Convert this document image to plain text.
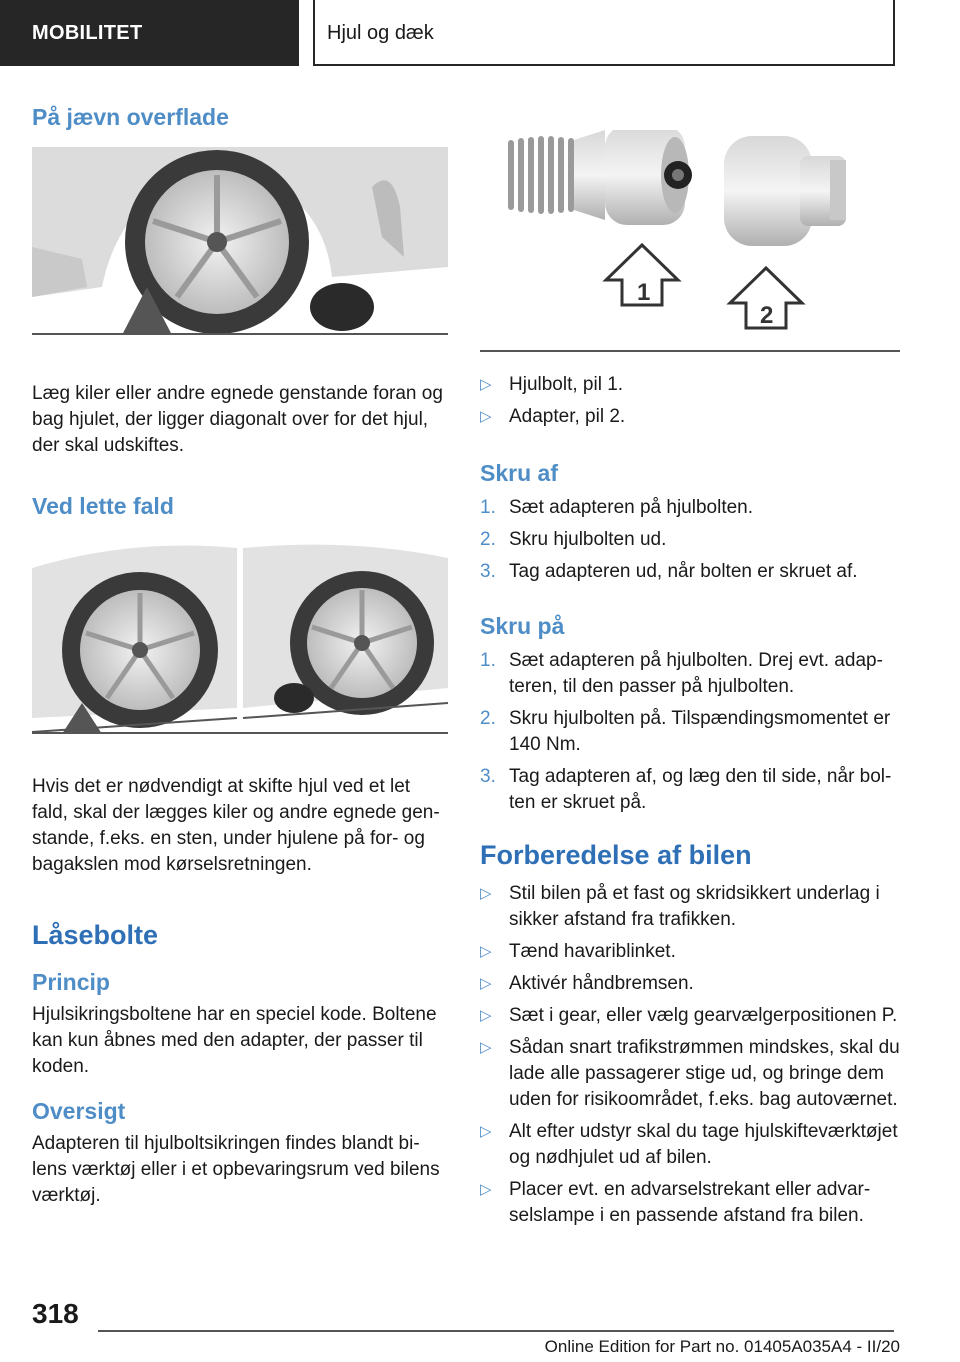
MOBILITET	Hjul og dæk
På jævn overflade

Læg kiler eller andre egnede genstande foran og bag hjulet, der ligger diagonalt over for det hjul, der skal udskiftes.

Ved lette fald

Hvis det er nødvendigt at skifte hjul ved et let fald, skal der lægges kiler og andre egnede genstande, f.eks. en sten, under hjulene på for- og bagakslen mod kørselsretningen.

Låsebolte
Princip

Hjulsikringsboltene har en speciel kode. Boltene kan kun åbnes med den adapter, der passer til koden.

Oversigt

Adapteren til hjulboltsikringen findes blandt bilens værktøj eller i et opbevaringsrum ved bilens værktøj.

1
2
▷ Hjulbolt, pil 1.
▷ Adapter, pil 2.
Skru af
1. Sæt adapteren på hjulbolten.
2. Skru hjulbolten ud.
3. Tag adapteren ud, når bolten er skruet af.
Skru på
1. Sæt adapteren på hjulbolten. Drej evt. adapteren, til den passer på hjulbolten.
2. Skru hjulbolten på. Tilspændingsmomentet er 140 Nm.
3. Tag adapteren af, og læg den til side, når bolten er skruet på.
Forberedelse af bilen
▷ Stil bilen på et fast og skridsikkert underlag i sikker afstand fra trafikken.
▷ Tænd havariblinket.
▷ Aktivér håndbremsen.
▷ Sæt i gear, eller vælg gearvælgerpositionen P.
▷ Sådan snart trafikstrømmen mindskes, skal du lade alle passagerer stige ud, og bringe dem uden for risikoområdet, f.eks. bag autoværnet.
▷ Alt efter udstyr skal du tage hjulskifteværktøjet og nødhjulet ud af bilen.
▷ Placer evt. en advarselstrekant eller advarselslampe i en passende afstand fra bilen.
318
Online Edition for Part no. 01405A035A4 - II/20
